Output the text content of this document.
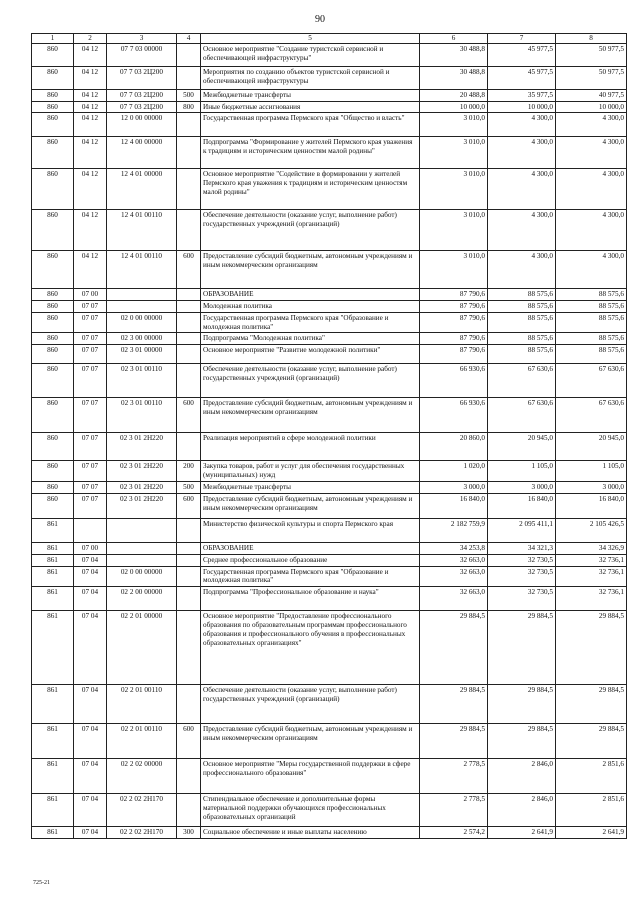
90
1	2	3	4	5	6	7	8
860	04 12	07 7 03 00000		Основное мероприятие "Создание туристской сервисной и обеспечивающей инфраструктуры"	30 488,8	45 977,5	50 977,5
860	04 12	07 7 03 2Ц200		Мероприятия по созданию объектов туристской сервисной и обеспечивающей инфраструктуры	30 488,8	45 977,5	50 977,5
860	04 12	07 7 03 2Ц200	500	Межбюджетные трансферты	20 488,8	35 977,5	40 977,5
860	04 12	07 7 03 2Ц200	800	Иные бюджетные ассигнования	10 000,0	10 000,0	10 000,0
860	04 12	12 0 00 00000		Государственная программа Пермского края "Общество и власть"	3 010,0	4 300,0	4 300,0
860	04 12	12 4 00 00000		Подпрограмма "Формирование у жителей Пермского края уважения к традициям и историческим ценностям малой родины"	3 010,0	4 300,0	4 300,0
860	04 12	12 4 01 00000		Основное мероприятие "Содействие в формировании у жителей Пермского края уважения к традициям и историческим ценностям малой родины"	3 010,0	4 300,0	4 300,0
860	04 12	12 4 01 00110		Обеспечение деятельности (оказание услуг, выполнение работ) государственных учреждений (организаций)	3 010,0	4 300,0	4 300,0
860	04 12	12 4 01 00110	600	Предоставление субсидий бюджетным, автономным учреждениям и иным некоммерческим организациям	3 010,0	4 300,0	4 300,0
860	07 00			ОБРАЗОВАНИЕ	87 790,6	88 575,6	88 575,6
860	07 07			Молодежная политика	87 790,6	88 575,6	88 575,6
860	07 07	02 0 00 00000		Государственная программа Пермского края "Образование и молодежная политика"	87 790,6	88 575,6	88 575,6
860	07 07	02 3 00 00000		Подпрограмма "Молодежная политика"	87 790,6	88 575,6	88 575,6
860	07 07	02 3 01 00000		Основное мероприятие "Развитие молодежной политики"	87 790,6	88 575,6	88 575,6
860	07 07	02 3 01 00110		Обеспечение деятельности (оказание услуг, выполнение работ) государственных учреждений (организаций)	66 930,6	67 630,6	67 630,6
860	07 07	02 3 01 00110	600	Предоставление субсидий бюджетным, автономным учреждениям и иным некоммерческим организациям	66 930,6	67 630,6	67 630,6
860	07 07	02 3 01 2Н220		Реализация мероприятий в сфере молодежной политики	20 860,0	20 945,0	20 945,0
860	07 07	02 3 01 2Н220	200	Закупка товаров, работ и услуг для обеспечения государственных (муниципальных) нужд	1 020,0	1 105,0	1 105,0
860	07 07	02 3 01 2Н220	500	Межбюджетные трансферты	3 000,0	3 000,0	3 000,0
860	07 07	02 3 01 2Н220	600	Предоставление субсидий бюджетным, автономным учреждениям и иным некоммерческим организациям	16 840,0	16 840,0	16 840,0
861				Министерство физической культуры и спорта Пермского края	2 182 759,9	2 095 411,1	2 105 426,5
861	07 00			ОБРАЗОВАНИЕ	34 253,8	34 321,3	34 326,9
861	07 04			Среднее профессиональное образование	32 663,0	32 730,5	32 736,1
861	07 04	02 0 00 00000		Государственная программа Пермского края "Образование и молодежная политика"	32 663,0	32 730,5	32 736,1
861	07 04	02 2 00 00000		Подпрограмма "Профессиональное образование и наука"	32 663,0	32 730,5	32 736,1
861	07 04	02 2 01 00000		Основное мероприятие "Предоставление профессионального образования по образовательным программам профессионального образования и профессионального обучения в профессиональных образовательных организациях"	29 884,5	29 884,5	29 884,5
861	07 04	02 2 01 00110		Обеспечение деятельности (оказание услуг, выполнение работ) государственных учреждений (организаций)	29 884,5	29 884,5	29 884,5
861	07 04	02 2 01 00110	600	Предоставление субсидий бюджетным, автономным учреждениям и иным некоммерческим организациям	29 884,5	29 884,5	29 884,5
861	07 04	02 2 02 00000		Основное мероприятие "Меры государственной поддержки в сфере профессионального образования"	2 778,5	2 846,0	2 851,6
861	07 04	02 2 02 2Н170		Стипендиальное обеспечение и дополнительные формы материальной поддержки обучающихся профессиональных образовательных организаций	2 778,5	2 846,0	2 851,6
861	07 04	02 2 02 2Н170	300	Социальное обеспечение и иные выплаты населению	2 574,2	2 641,9	2 641,9
725-21
